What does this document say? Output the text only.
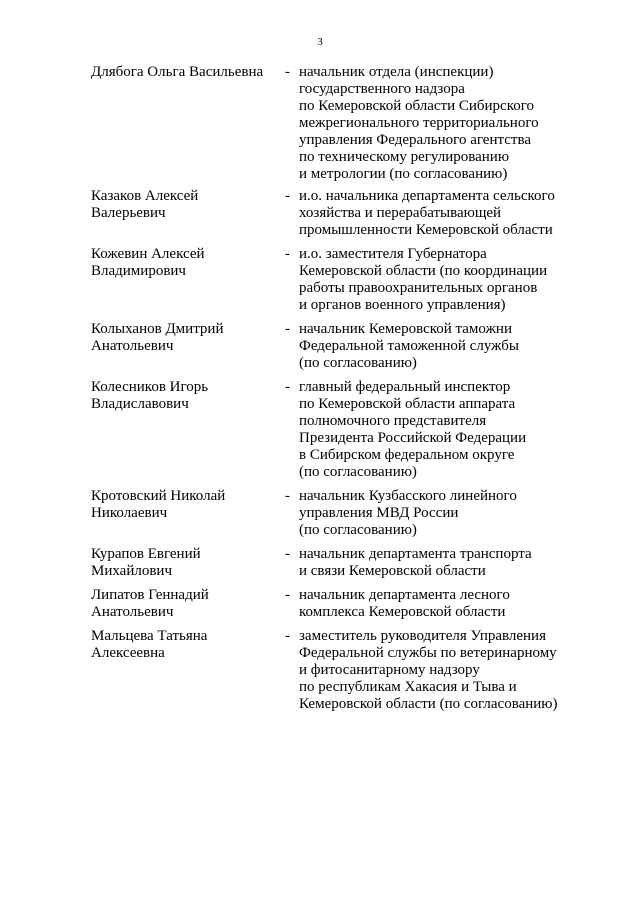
3
Длябога Ольга Васильевна	- начальник отдела (инспекции)
государственного надзора
по Кемеровской области Сибирского
межрегионального территориального
управления Федерального агентства
по техническому регулированию
и метрологии (по согласованию)
Казаков Алексей
Валерьевич
- и.о. начальника департамента сельского
хозяйства и перерабатывающей
промышленности Кемеровской области
Кожевин Алексей
Владимирович
- и.о. заместителя Губернатора
Кемеровской области (по координации
работы правоохранительных органов
и органов военного управления)
Колыханов Дмитрий
Анатольевич
- начальник Кемеровской таможни
Федеральной таможенной службы
(по согласованию)
Колесников Игорь
Владиславович
- главный федеральный инспектор
по Кемеровской области аппарата
полномочного представителя
Президента Российской Федерации
в Сибирском федеральном округе
(по согласованию)
Кротовский Николай
Николаевич
- начальник Кузбасского линейного
управления МВД России
(по согласованию)
Курапов Евгений
Михайлович
- начальник департамента транспорта
и связи Кемеровской области
Липатов Геннадий
Анатольевич
- начальник департамента лесного
комплекса Кемеровской области
Мальцева Татьяна
Алексеевна
- заместитель руководителя Управления
Федеральной службы по ветеринарному
и фитосанитарному надзору
по республикам Хакасия и Тыва и
Кемеровской области (по согласованию)
